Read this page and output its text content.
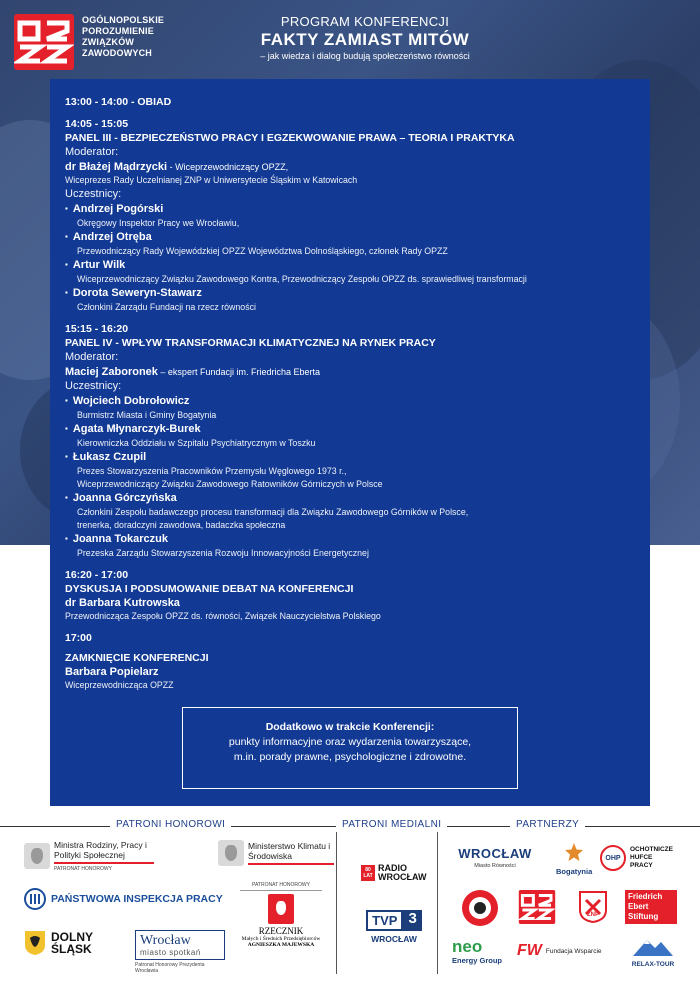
OGÓLNOPOLSKIE
POROZUMIENIE
ZWIĄZKÓW
ZAWODOWYCH
PROGRAM KONFERENCJI
FAKTY ZAMIAST MITÓW
– jak wiedza i dialog budują społeczeństwo równości
13:00 - 14:00 - OBIAD
14:05 - 15:05
PANEL III - BEZPIECZEŃSTWO PRACY I EGZEKWOWANIE PRAWA – TEORIA I PRAKTYKA
Moderator:
dr Błażej Mądrzycki - Wiceprzewodniczący OPZZ,
Wiceprezes Rady Uczelnianej ZNP w Uniwersytecie Śląskim w Katowicach
Uczestnicy:
▪ Andrzej Pogórski
Okręgowy Inspektor Pracy we Wrocławiu,
▪ Andrzej Otręba
Przewodniczący Rady Wojewódzkiej OPZZ Województwa Dolnośląskiego, członek Rady OPZZ
▪ Artur Wilk
Wiceprzewodniczący Związku Zawodowego Kontra, Przewodniczący Zespołu OPZZ ds. sprawiedliwej transformacji
▪ Dorota Seweryn-Stawarz
Członkini Zarządu Fundacji na rzecz równości
15:15 - 16:20
PANEL IV - WPŁYW TRANSFORMACJI KLIMATYCZNEJ NA RYNEK PRACY
Moderator:
Maciej Zaboronek – ekspert Fundacji im. Friedricha Eberta
Uczestnicy:
▪ Wojciech Dobrołowicz
Burmistrz Miasta i Gminy Bogatynia
▪ Agata Młynarczyk-Burek
Kierowniczka Oddziału w Szpitalu Psychiatrycznym w Toszku
▪ Łukasz Czupil
Prezes Stowarzyszenia Pracowników Przemysłu Węglowego 1973 r.,
Wiceprzewodniczący Związku Zawodowego Ratowników Górniczych w Polsce
▪ Joanna Górczyńska
Członkini Zespołu badawczego procesu transformacji dla Związku Zawodowego Górników w Polsce,
trenerka, doradczyni zawodowa, badaczka społeczna
▪ Joanna Tokarczuk
Prezeska Zarządu Stowarzyszenia Rozwoju Innowacyjności Energetycznej
16:20 - 17:00
DYSKUSJA I PODSUMOWANIE DEBAT NA KONFERENCJI
dr Barbara Kutrowska
Przewodnicząca Zespołu OPZZ ds. równości, Związek Nauczycielstwa Polskiego
17:00
ZAMKNIĘCIE KONFERENCJI
Barbara Popielarz
Wiceprzewodnicząca OPZZ
Dodatkowo w trakcie Konferencji:
punkty informacyjne oraz wydarzenia towarzyszące,
m.in. porady prawne, psychologiczne i zdrowotne.
PATRONI HONOROWI	PATRONI MEDIALNI	PARTNERZY
Ministra Rodziny, Pracy i Polityki Społecznej
PATRONAT HONOROWY
Ministerstwo Klimatu i Środowiska
PAŃSTWOWA INSPEKCJA PRACY
PATRONAT HONOROWY
RZECZNIK
Małych i Średnich Przedsiębiorców
AGNIESZKA MAJEWSKA
DOLNY
ŚLĄSK
Wrocław
miasto spotkań
Patronat Honorowy Prezydenta Wrocławia
80 LAT
RADIO WROCŁAW
TVP 3
WROCŁAW
WROCŁAW
Miasto Równości
Bogatynia
OHP
OCHOTNICZE HUFCE PRACY
ZNP
Friedrich
Ebert
Stiftung
neo
Energy Group
FW Fundacja Wsparcie
RELAX-TOUR
